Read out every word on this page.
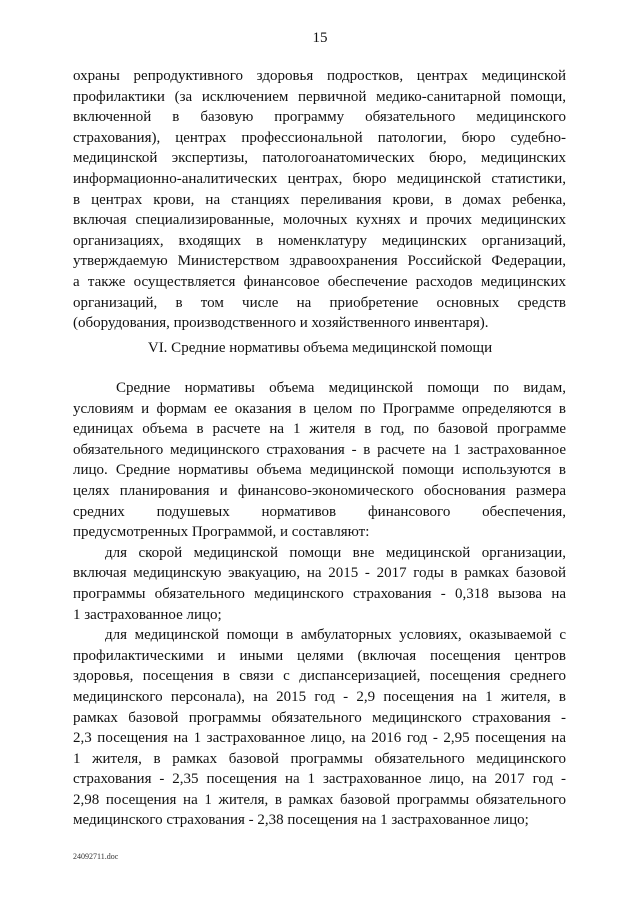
15
охраны репродуктивного здоровья подростков, центрах медицинской
профилактики (за исключением первичной медико-санитарной помощи,
включенной в базовую программу обязательного медицинского
страхования), центрах профессиональной патологии, бюро судебно-
медицинской экспертизы, патологоанатомических бюро, медицинских
информационно-аналитических центрах, бюро медицинской статистики,
в центрах крови, на станциях переливания крови, в домах ребенка,
включая специализированные, молочных кухнях и прочих медицинских
организациях, входящих в номенклатуру медицинских организаций,
утверждаемую Министерством здравоохранения Российской Федерации,
а также осуществляется финансовое обеспечение расходов медицинских
организаций, в том числе на приобретение основных средств
(оборудования, производственного и хозяйственного инвентаря).
VI. Средние нормативы объема медицинской помощи
Средние нормативы объема медицинской помощи по видам,
условиям и формам ее оказания в целом по Программе определяются в
единицах объема в расчете на 1 жителя в год, по базовой программе
обязательного медицинского страхования - в расчете на 1 застрахованное
лицо. Средние нормативы объема медицинской помощи используются в
целях планирования и финансово-экономического обоснования размера
средних подушевых нормативов финансового обеспечения,
предусмотренных Программой, и составляют:
для скорой медицинской помощи вне медицинской организации,
включая медицинскую эвакуацию, на 2015 - 2017 годы в рамках базовой
программы обязательного медицинского страхования - 0,318 вызова на
1 застрахованное лицо;
для медицинской помощи в амбулаторных условиях, оказываемой с
профилактическими и иными целями (включая посещения центров
здоровья, посещения в связи с диспансеризацией, посещения среднего
медицинского персонала), на 2015 год - 2,9 посещения на 1 жителя, в
рамках базовой программы обязательного медицинского страхования -
2,3 посещения на 1 застрахованное лицо, на 2016 год - 2,95 посещения на
1 жителя, в рамках базовой программы обязательного медицинского
страхования - 2,35 посещения на 1 застрахованное лицо, на 2017 год -
2,98 посещения на 1 жителя, в рамках базовой программы обязательного
медицинского страхования - 2,38 посещения на 1 застрахованное лицо;
24092711.doc
